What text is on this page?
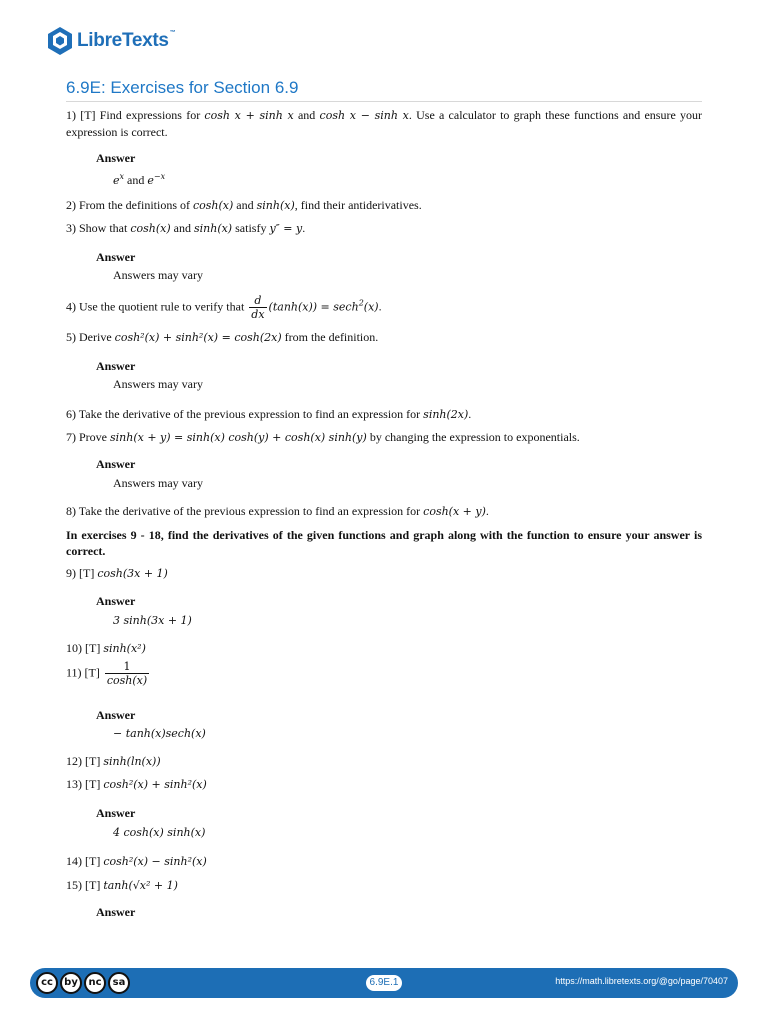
LibreTexts™
6.9E: Exercises for Section 6.9

1) [T] Find expressions for cosh x + sinh x and cosh x − sinh x. Use a calculator to graph these functions and ensure your expression is correct.

Answer
$e^x$ and $e^{-x}$

2) From the definitions of cosh(x) and sinh(x), find their antiderivatives.

3) Show that cosh(x) and sinh(x) satisfy y″ = y.

Answer
Answers may vary

4) Use the quotient rule to verify that $\frac{d}{dx} (\tanh(x)) = \sec h^2(x)$.

5) Derive cosh²(x) + sinh²(x) = cosh(2x) from the definition.

Answer
Answers may vary

6) Take the derivative of the previous expression to find an expression for sinh(2x).

7) Prove sinh(x + y) = sinh(x) cosh(y) + cosh(x) sinh(y) by changing the expression to exponentials.

Answer
Answers may vary

8) Take the derivative of the previous expression to find an expression for cosh(x + y).

In exercises 9 - 18, find the derivatives of the given functions and graph along with the function to ensure your answer is correct.

9) [T] cosh(3x + 1)

Answer
3 sinh(3x + 1)

10) [T] sinh(x²)

11) $[T] \frac{1}{\cosh(x)}$

Answer
− tanh(x)sech(x)

12) [T] sinh(ln(x))

13) [T] cosh²(x) + sinh²(x)

Answer
4 cosh(x) sinh(x)

14) [T] cosh²(x) − sinh²(x)

15) [T] tanh(√x² + 1)

Answer
cc	by	nc	sa	6.9E.1	https://math.libretexts.org/@go/page/70407
